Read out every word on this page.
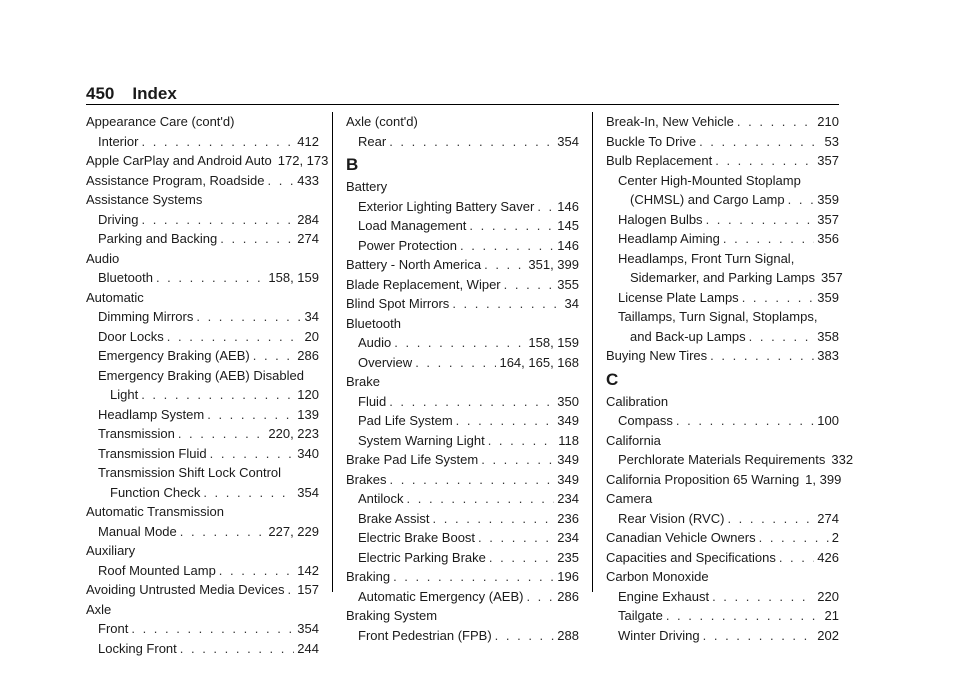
450 Index
Appearance Care (cont'd)
Interior . . .	412
Apple CarPlay and Android Auto 172, 173
Assistance Program, Roadside . . .	433
Assistance Systems
Driving . . .	284
Parking and Backing . . .	274
Audio
Bluetooth . . .	158, 159
Automatic
Dimming Mirrors . . .	34
Door Locks . . .	20
Emergency Braking (AEB) . . .	286
Emergency Braking (AEB) Disabled
Light . . .	120
Headlamp System . . .	139
Transmission . . .	220, 223
Transmission Fluid . . .	340
Transmission Shift Lock Control
Function Check . . .	354
Automatic Transmission
Manual Mode . . .	227, 229
Auxiliary
Roof Mounted Lamp . . .	142
Avoiding Untrusted Media Devices . . . 157
Axle
Front . . .	354
Locking Front . . .	244
Axle (cont'd)
Rear . . .	354
B
Battery
Exterior Lighting Battery Saver . . . 146
Load Management . . .	145
Power Protection . . .	146
Battery - North America . . .	351, 399
Blade Replacement, Wiper . . .	355
Blind Spot Mirrors . . .	34
Bluetooth
Audio . . .	158, 159
Overview . . .	164, 165, 168
Brake
Fluid . . .	350
Pad Life System . . .	349
System Warning Light . . .	118
Brake Pad Life System . . .	349
Brakes . . .	349
Antilock . . .	234
Brake Assist . . .	236
Electric Brake Boost . . .	234
Electric Parking Brake . . .	235
Braking . . .	196
Automatic Emergency (AEB) . . .	286
Braking System
Front Pedestrian (FPB) . . .	288
Break-In, New Vehicle . . .	210
Buckle To Drive . . .	53
Bulb Replacement . . .	357
Center High-Mounted Stoplamp
(CHMSL) and Cargo Lamp . . .	359
Halogen Bulbs . . .	357
Headlamp Aiming . . .	356
Headlamps, Front Turn Signal,
Sidemarker, and Parking Lamps 357
License Plate Lamps . . .	359
Taillamps, Turn Signal, Stoplamps,
and Back-up Lamps . . .	358
Buying New Tires . . .	383
C
Calibration
Compass . . .	100
California
Perchlorate Materials Requirements 332
California Proposition 65 Warning 1, 399
Camera
Rear Vision (RVC) . . .	274
Canadian Vehicle Owners . . .	2
Capacities and Specifications . . .	426
Carbon Monoxide
Engine Exhaust . . .	220
Tailgate . . .	21
Winter Driving . . .	202
